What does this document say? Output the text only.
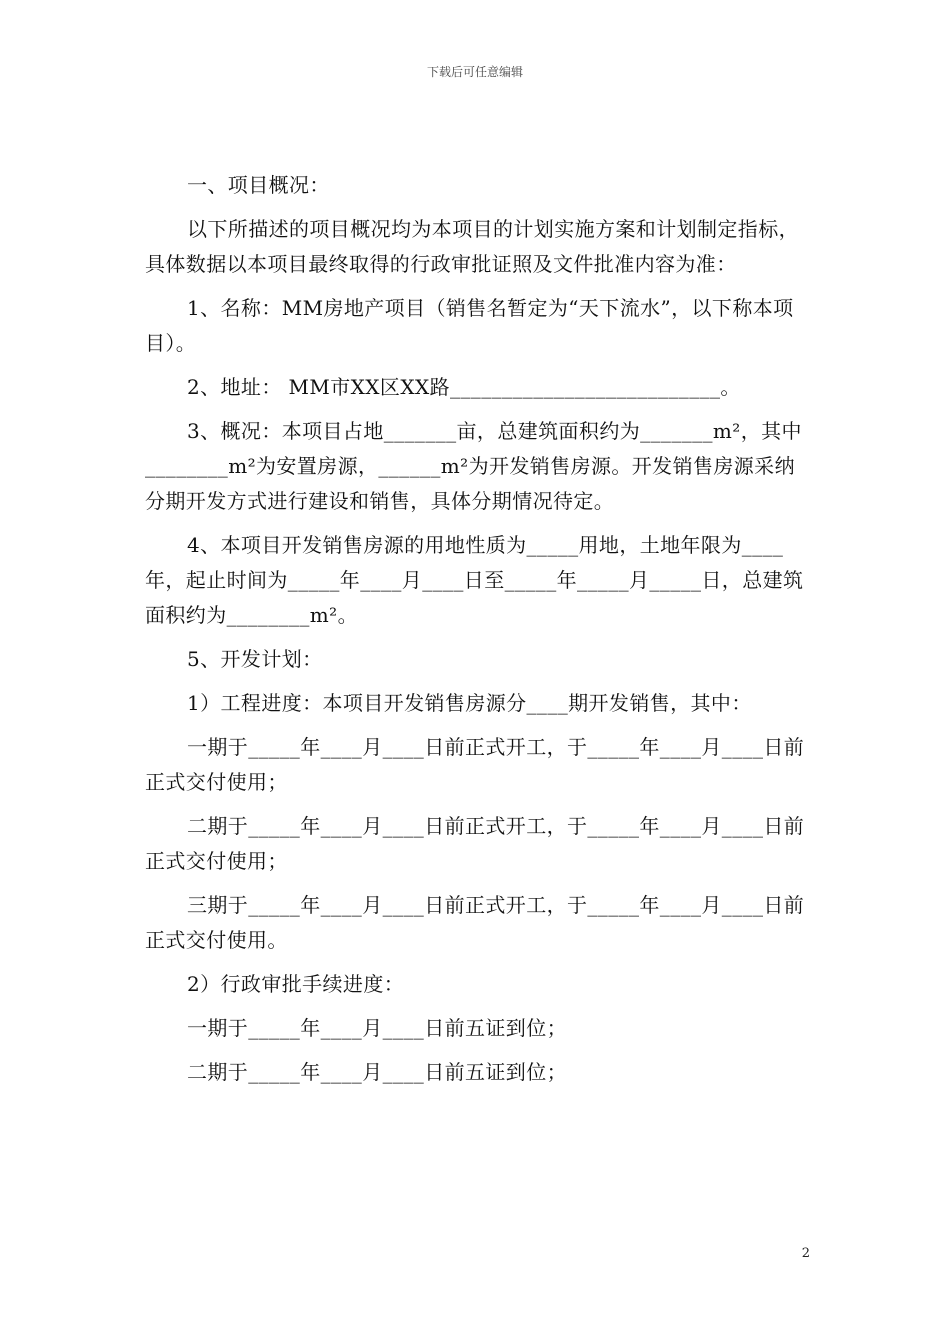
下载后可任意编辑

一、项目概况：

以下所描述的项目概况均为本项目的计划实施方案和计划制定指标，具体数据以本项目最终取得的行政审批证照及文件批准内容为准：

1、名称：MM房地产项目（销售名暂定为“天下流水”，以下称本项目）。

2、地址： MM市XX区XX路__________________________。

3、概况：本项目占地_______亩，总建筑面积约为_______m²，其中________m²为安置房源，______m²为开发销售房源。开发销售房源采纳分期开发方式进行建设和销售，具体分期情况待定。

4、本项目开发销售房源的用地性质为_____用地，土地年限为____年，起止时间为_____年____月____日至_____年_____月_____日，总建筑面积约为________m²。

5、开发计划：

1）工程进度：本项目开发销售房源分____期开发销售，其中：

一期于_____年____月____日前正式开工，于_____年____月____日前正式交付使用；

二期于_____年____月____日前正式开工，于_____年____月____日前正式交付使用；

三期于_____年____月____日前正式开工，于_____年____月____日前正式交付使用。

2）行政审批手续进度：

一期于_____年____月____日前五证到位；

二期于_____年____月____日前五证到位；

2
